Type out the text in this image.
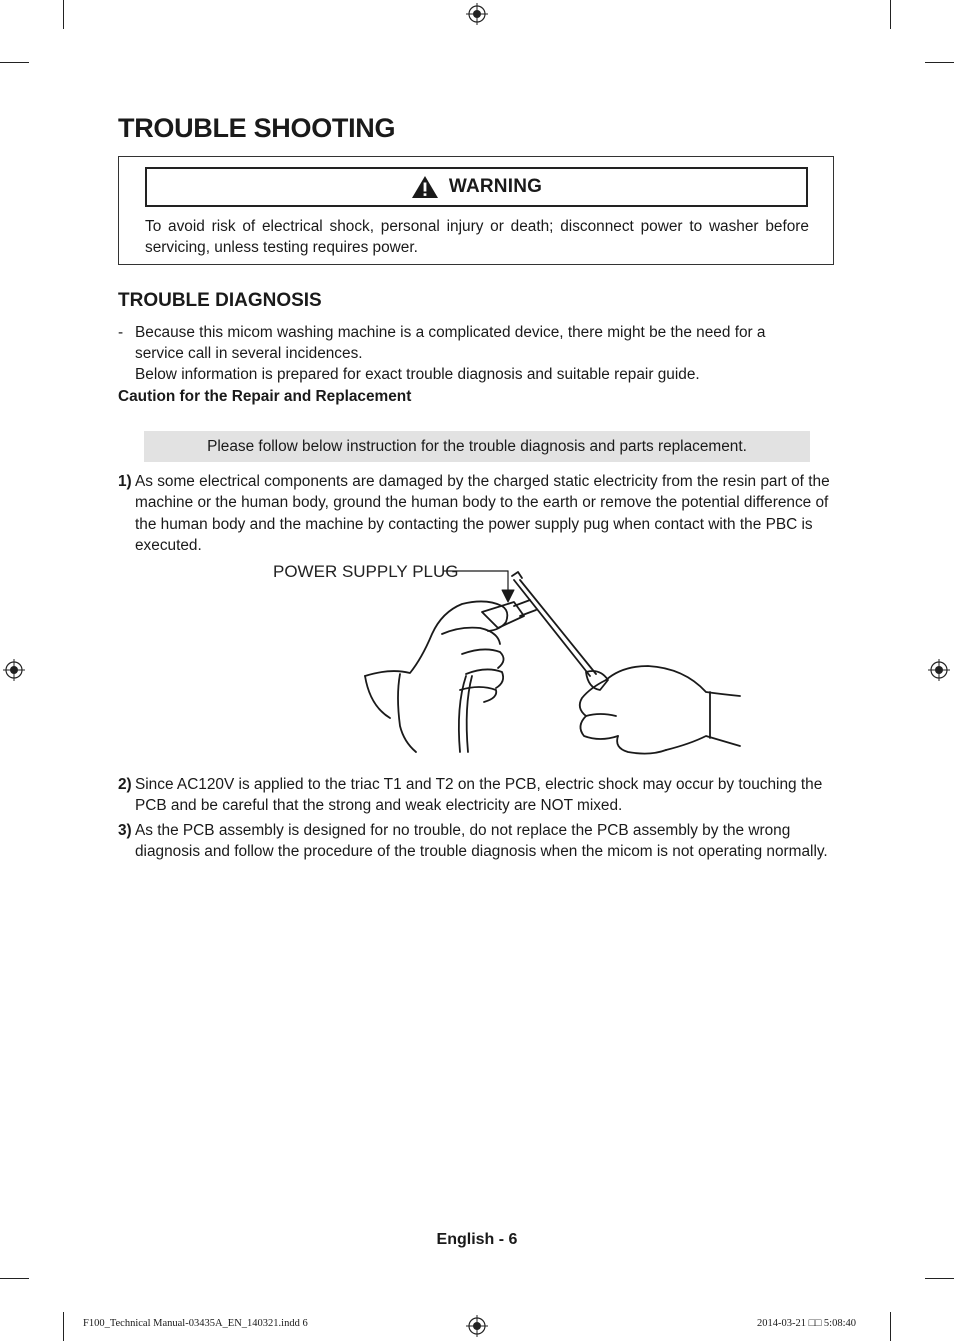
TROUBLE SHOOTING
WARNING
To avoid risk of electrical shock, personal injury or death; disconnect power to washer before servicing, unless testing requires power.
TROUBLE DIAGNOSIS
- Because this micom washing machine is a complicated device, there might be the need for a service call in several incidences.
Below information is prepared for exact trouble diagnosis and suitable repair guide.
Caution for the Repair and Replacement
Please follow below instruction for the trouble diagnosis and parts replacement.
1) As some electrical components are damaged by the charged static electricity from the resin part of the machine or the human body, ground the human body to the earth or remove the potential difference of the human body and the machine by contacting the power supply pug when contact with the PBC is executed.
POWER SUPPLY PLUG
2) Since AC120V is applied to the triac T1 and T2 on the PCB, electric shock may occur by touching the PCB and be careful that the strong and weak electricity are NOT mixed.
3) As the PCB assembly is designed for no trouble, do not replace the PCB assembly by the wrong diagnosis and follow the procedure of the trouble diagnosis when the micom is not operating normally.
English - 6
F100_Technical Manual-03435A_EN_140321.indd 6	2014-03-21 □□ 5:08:40
